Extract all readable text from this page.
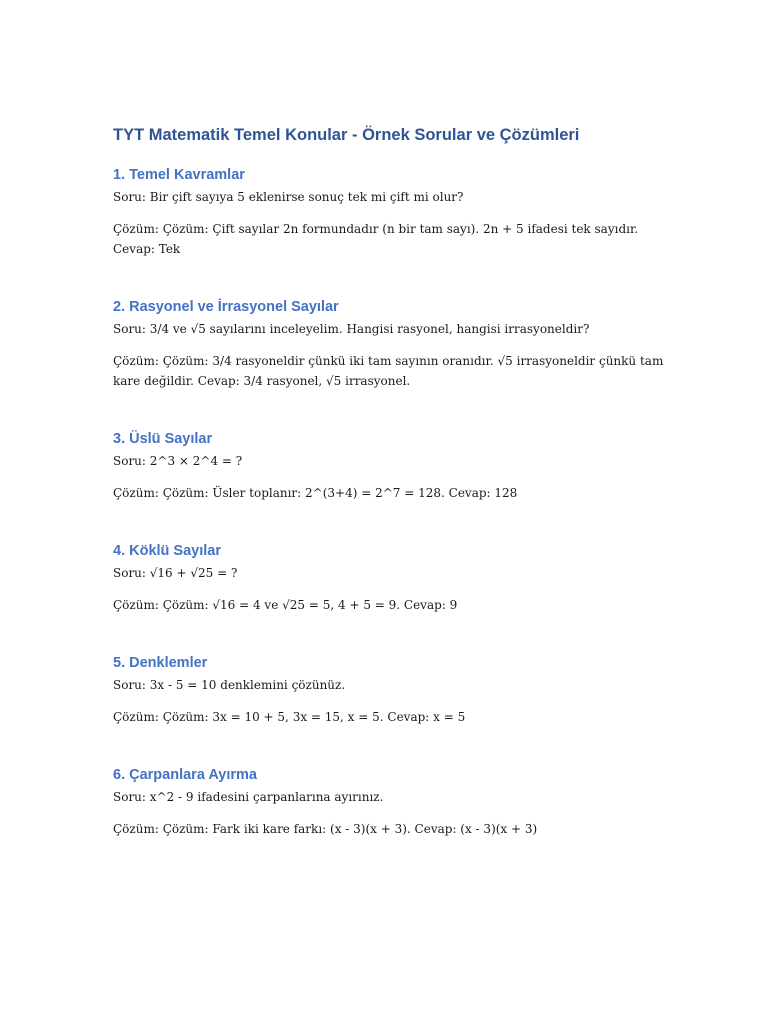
TYT Matematik Temel Konular - Örnek Sorular ve Çözümleri
1. Temel Kavramlar

Soru: Bir çift sayıya 5 eklenirse sonuç tek mi çift mi olur?

Çözüm: Çözüm: Çift sayılar 2n formundadır (n bir tam sayı). 2n + 5 ifadesi tek sayıdır. Cevap: Tek

2. Rasyonel ve İrrasyonel Sayılar

Soru: 3/4 ve √5 sayılarını inceleyelim. Hangisi rasyonel, hangisi irrasyoneldir?

Çözüm: Çözüm: 3/4 rasyoneldir çünkü iki tam sayının oranıdır. √5 irrasyoneldir çünkü tam kare değildir. Cevap: 3/4 rasyonel, √5 irrasyonel.

3. Üslü Sayılar

Soru: 2^3 × 2^4 = ?

Çözüm: Çözüm: Üsler toplanır: 2^(3+4) = 2^7 = 128. Cevap: 128

4. Köklü Sayılar

Soru: √16 + √25 = ?

Çözüm: Çözüm: √16 = 4 ve √25 = 5, 4 + 5 = 9. Cevap: 9

5. Denklemler

Soru: 3x - 5 = 10 denklemini çözünüz.

Çözüm: Çözüm: 3x = 10 + 5, 3x = 15, x = 5. Cevap: x = 5

6. Çarpanlara Ayırma

Soru: x^2 - 9 ifadesini çarpanlarına ayırınız.

Çözüm: Çözüm: Fark iki kare farkı: (x - 3)(x + 3). Cevap: (x - 3)(x + 3)
